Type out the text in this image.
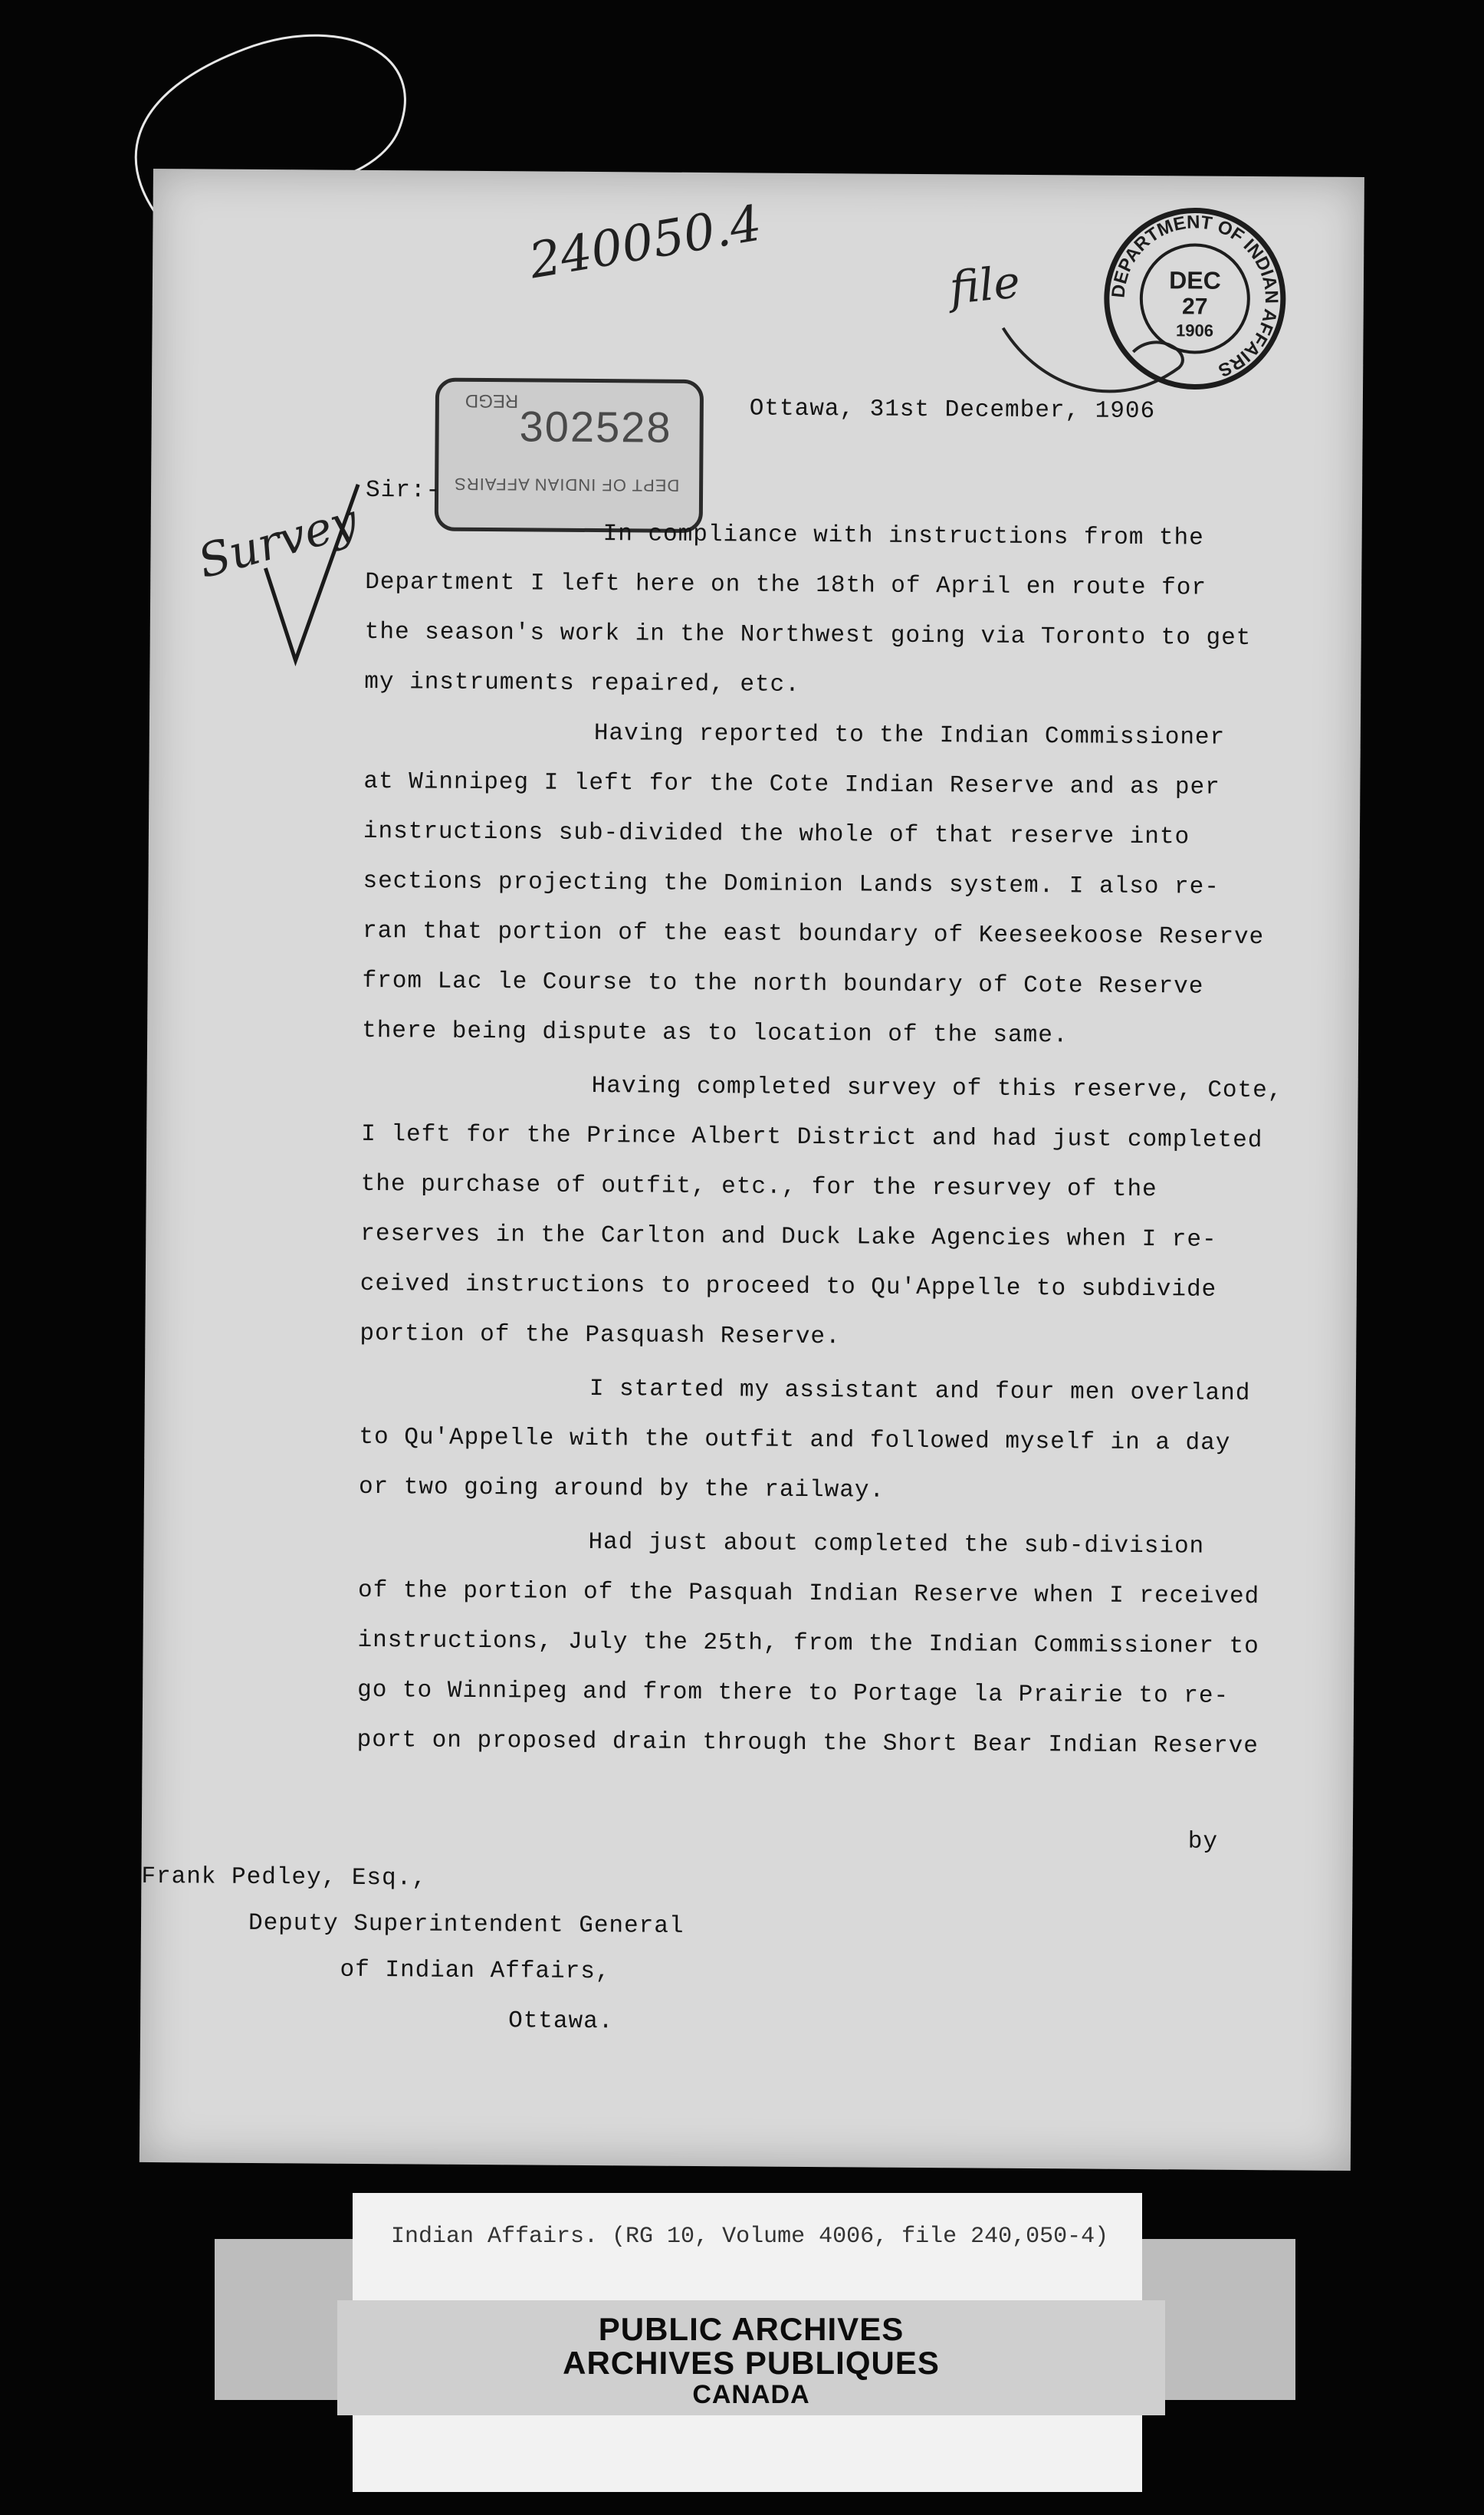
240050.4	file
302528
REGD
DEPT OF INDIAN AFFAIRS
DEPARTMENT OF INDIAN AFFAIRS
DEC
27
1906
Survey
Ottawa, 31st December, 1906
Sir:-
In compliance with instructions from the
Department I left here on the 18th of April en route for
the season's work in the Northwest going via Toronto to get
my instruments repaired, etc.
Having reported to the Indian Commissioner
at Winnipeg I left for the Cote Indian Reserve and as per
instructions sub-divided the whole of that reserve into
sections projecting the Dominion Lands system. I also re-
ran that portion of the east boundary of Keeseekoose Reserve
from Lac le Course to the north boundary of Cote Reserve
there being dispute as to location of the same.
Having completed survey of this reserve, Cote,
I left for the Prince Albert District and had just completed
the purchase of outfit, etc., for the resurvey of the
reserves in the Carlton and Duck Lake Agencies when I re-
ceived instructions to proceed to Qu'Appelle to subdivide
portion of the Pasquash Reserve.
I started my assistant and four men overland
to Qu'Appelle with the outfit and followed myself in a day
or two going around by the railway.
Had just about completed the sub-division
of the portion of the Pasquah Indian Reserve when I received
instructions, July the 25th, from the Indian Commissioner to
go to Winnipeg and from there to Portage la Prairie to re-
port on proposed drain through the Short Bear Indian Reserve
by
Frank Pedley, Esq.,
Deputy Superintendent General
of Indian Affairs,
Ottawa.
Indian Affairs. (RG 10, Volume 4006, file 240,050-4)
PUBLIC ARCHIVES
ARCHIVES PUBLIQUES
CANADA
